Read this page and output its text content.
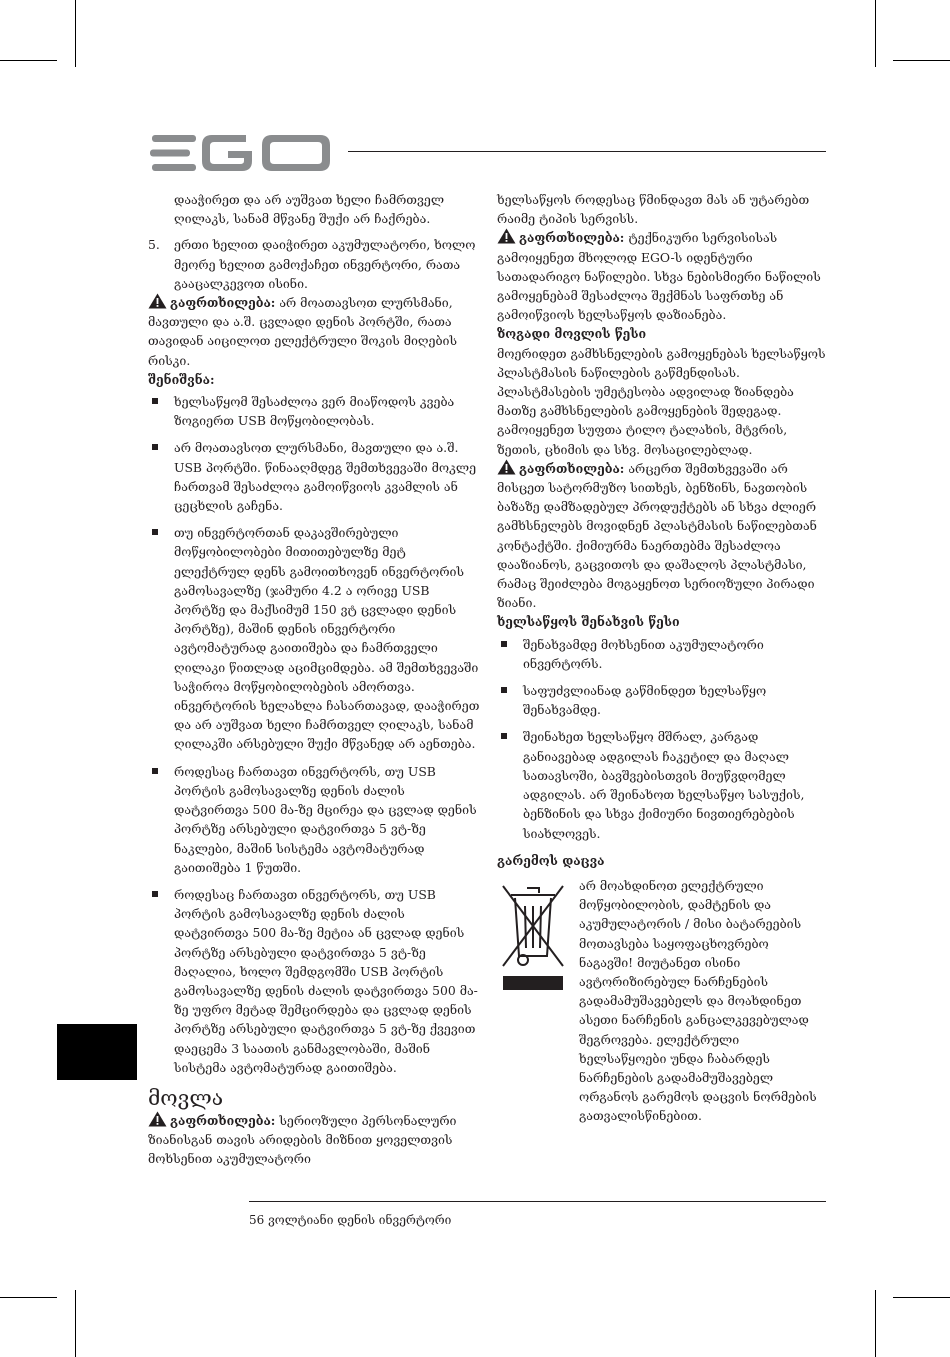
დააჭირეთ და არ აუშვათ ხელი ჩამრთველ ღილაკს, სანამ მწვანე შუქი არ ჩაქრება.

5.	ერთი ხელით დაიჭირეთ აკუმულატორი, ხოლო მეორე ხელით გამოქაჩეთ ინვერტორი, რათა გააცალკევოთ ისინი.

გაფრთხილება: არ მოათავსოთ ლურსმანი, მავთული და ა.შ. ცვლადი დენის პორტში, რათა თავიდან აიცილოთ ელექტრული შოკის მიღების რისკი.

შენიშვნა:

ხელსაწყომ შესაძლოა ვერ მიაწოდოს კვება ზოგიერთ USB მოწყობილობას.
არ მოათავსოთ ლურსმანი, მავთული და ა.შ. USB პორტში. წინააღმდეგ შემთხვევაში მოკლე ჩართვამ შესაძლოა გამოიწვიოს კვამლის ან ცეცხლის გაჩენა.
თუ ინვერტორთან დაკავშირებული მოწყობილობები მითითებულზე მეტ ელექტრულ დენს გამოითხოვენ ინვერტორის გამოსავალზე (ჯამური 4.2 ა ორივე USB პორტზე და მაქსიმუმ 150 ვტ ცვლადი დენის პორტზე), მაშინ დენის ინვერტორი ავტომატურად გაითიშება და ჩამრთველი ღილაკი წითლად აციმციმდება. ამ შემთხვევაში საჭიროა მოწყობილობების ამორთვა. ინვერტორის ხელახლა ჩასართავად, დააჭირეთ და არ აუშვათ ხელი ჩამრთველ ღილაკს, სანამ ღილაკში არსებული შუქი მწვანედ არ აენთება.
როდესაც ჩართავთ ინვერტორს, თუ USB პორტის გამოსავალზე დენის ძალის დატვირთვა 500 მა-ზე მცირეა და ცვლად დენის პორტზე არსებული დატვირთვა 5 ვტ-ზე ნაკლები, მაშინ სისტემა ავტომატურად გაითიშება 1 წუთში.
როდესაც ჩართავთ ინვერტორს, თუ USB პორტის გამოსავალზე დენის ძალის დატვირთვა 500 მა-ზე მეტია ან ცვლად დენის პორტზე არსებული დატვირთვა 5 ვტ-ზე მაღალია, ხოლო შემდგომში USB პორტის გამოსავალზე დენის ძალის დატვირთვა 500 მა-ზე უფრო მეტად შემცირდება და ცვლად დენის პორტზე არსებული დატვირთვა 5 ვტ-ზე ქვევით დაეცემა 3 საათის განმავლობაში, მაშინ სისტემა ავტომატურად გაითიშება.

მოვლა

გაფრთხილება: სერიოზული პერსონალური ზიანისგან თავის არიდების მიზნით ყოველთვის მოხსენით აკუმულატორი

ხელსაწყოს როდესაც წმინდავთ მას ან უტარებთ რაიმე ტიპის სერვისს.

გაფრთხილება: ტექნიკური სერვისისას გამოიყენეთ მხოლოდ EGO-ს იდენტური სათადარიგო ნაწილები. სხვა ნებისმიერი ნაწილის გამოყენებამ შესაძლოა შექმნას საფრთხე ან გამოიწვიოს ხელსაწყოს დაზიანება.

ზოგადი მოვლის წესი

მოერიდეთ გამხსნელების გამოყენებას ხელსაწყოს პლასტმასის ნაწილების გაწმენდისას. პლასტმასების უმეტესობა ადვილად ზიანდება მათზე გამხსნელების გამოყენების შედეგად. გამოიყენეთ სუფთა ტილო ტალახის, მტვრის, ზეთის, ცხიმის და სხვ. მოსაცილებლად.

გაფრთხილება: არცერთ შემთხვევაში არ მისცეთ სატორმუზო სითხეს, ბენზინს, ნავთობის ბაზაზე დამზადებულ პროდუქტებს ან სხვა ძლიერ გამხსნელებს მოვიდნენ პლასტმასის ნაწილებთან კონტაქტში. ქიმიურმა ნაერთებმა შესაძლოა დააზიანოს, გაცვითოს და დაშალოს პლასტმასი, რამაც შეიძლება მოგაყენოთ სერიოზული პირადი ზიანი.

ხელსაწყოს შენახვის წესი

შენახვამდე მოხსენით აკუმულატორი ინვერტორს.
საფუძვლიანად გაწმინდეთ ხელსაწყო შენახვამდე.
შეინახეთ ხელსაწყო მშრალ, კარგად განიავებად ადგილას ჩაკეტილ და მაღალ სათავსოში, ბავშვებისთვის მიუწვდომელ ადგილას. არ შეინახოთ ხელსაწყო სასუქის, ბენზინის და სხვა ქიმიური ნივთიერებების სიახლოვეს.

გარემოს დაცვა

არ მოახდინოთ ელექტრული მოწყობილობის, დამტენის და აკუმულატორის / მისი ბატარეების მოთავსება საყოფაცხოვრებო ნაგავში! მიუტანეთ ისინი ავტორიზირებულ ნარჩენების გადამამუშავებელს და მოახდინეთ ასეთი ნარჩენის განცალკევებულად შეგროვება. ელექტრული ხელსაწყოები უნდა ჩაბარდეს ნარჩენების გადამამუშავებელ ორგანოს გარემოს დაცვის ნორმების გათვალისწინებით.

56 ვოლტიანი დენის ინვერტორი
